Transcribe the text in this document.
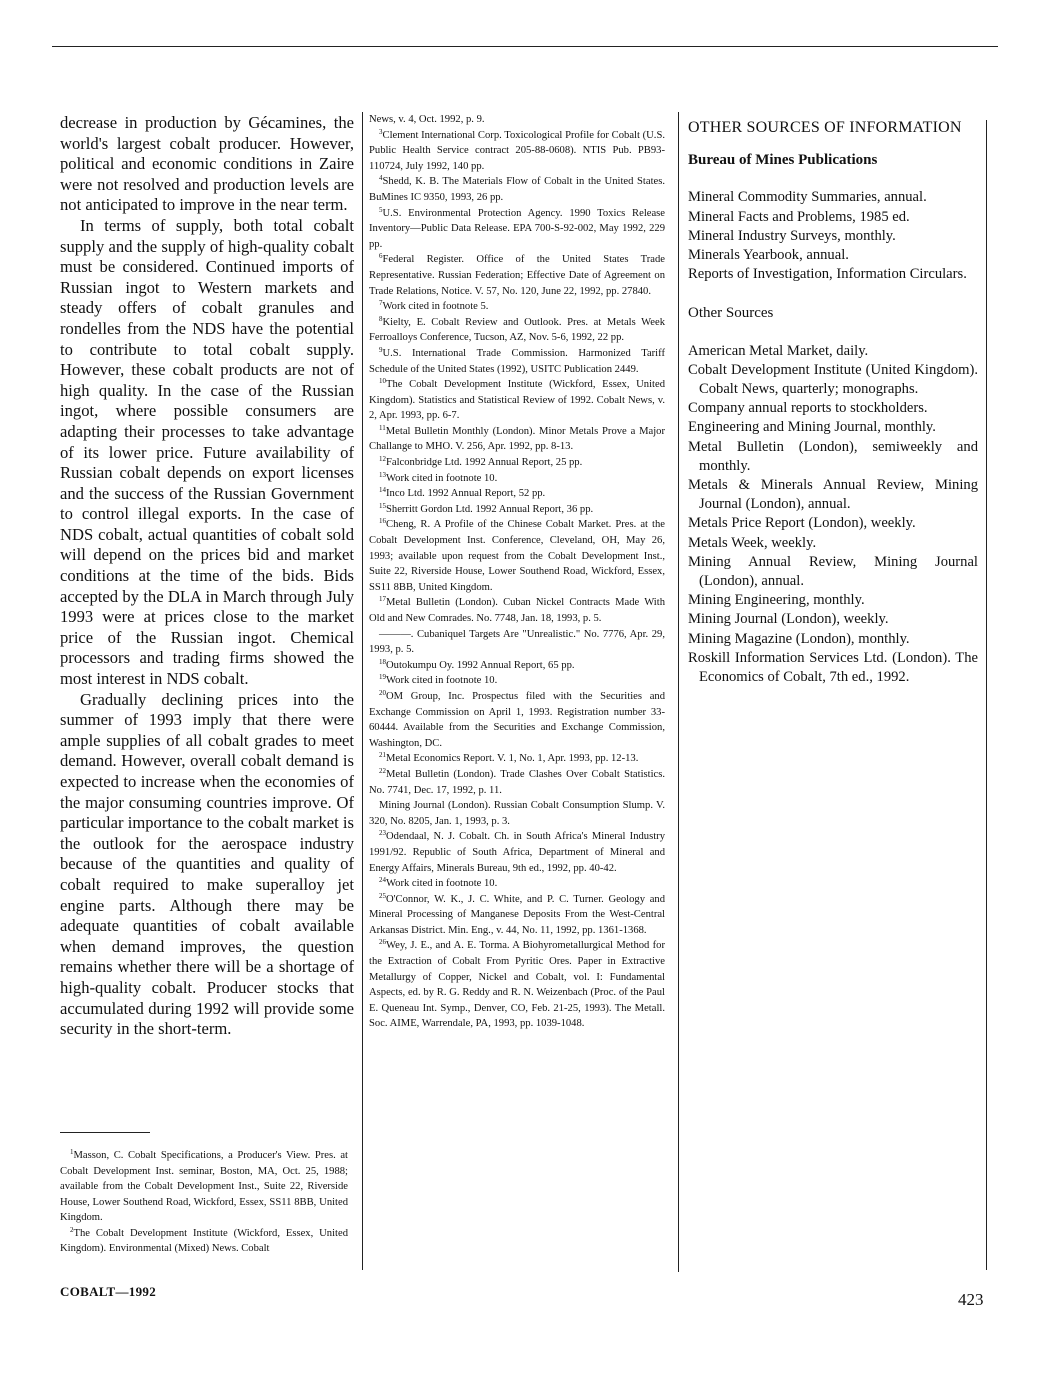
decrease in production by Gécamines, the world's largest cobalt producer. However, political and economic conditions in Zaire were not resolved and production levels are not anticipated to improve in the near term.

In terms of supply, both total cobalt supply and the supply of high-quality cobalt must be considered. Continued imports of Russian ingot to Western markets and steady offers of cobalt granules and rondelles from the NDS have the potential to contribute to total cobalt supply. However, these cobalt products are not of high quality. In the case of the Russian ingot, where possible consumers are adapting their processes to take advantage of its lower price. Future availability of Russian cobalt depends on export licenses and the success of the Russian Government to control illegal exports. In the case of NDS cobalt, actual quantities of cobalt sold will depend on the prices bid and market conditions at the time of the bids. Bids accepted by the DLA in March through July 1993 were at prices close to the market price of the Russian ingot. Chemical processors and trading firms showed the most interest in NDS cobalt.

Gradually declining prices into the summer of 1993 imply that there were ample supplies of all cobalt grades to meet demand. However, overall cobalt demand is expected to increase when the economies of the major consuming countries improve. Of particular importance to the cobalt market is the outlook for the aerospace industry because of the quantities and quality of cobalt required to make superalloy jet engine parts. Although there may be adequate quantities of cobalt available when demand improves, the question remains whether there will be a shortage of high-quality cobalt. Producer stocks that accumulated during 1992 will provide some security in the short-term.

$^1$Masson, C. Cobalt Specifications, a Producer's View. Pres. at Cobalt Development Inst. seminar, Boston, MA, Oct. 25, 1988; available from the Cobalt Development Inst., Suite 22, Riverside House, Lower Southend Road, Wickford, Essex, SS11 8BB, United Kingdom.

$^2$The Cobalt Development Institute (Wickford, Essex, United Kingdom). Environmental (Mixed) News. Cobalt

News, v. 4, Oct. 1992, p. 9.

$^3$Clement International Corp. Toxicological Profile for Cobalt (U.S. Public Health Service contract 205-88-0608). NTIS Pub. PB93-110724, July 1992, 140 pp.

$^4$Shedd, K. B. The Materials Flow of Cobalt in the United States. BuMines IC 9350, 1993, 26 pp.

$^5$U.S. Environmental Protection Agency. 1990 Toxics Release Inventory—Public Data Release. EPA 700-S-92-002, May 1992, 229 pp.

$^6$Federal Register. Office of the United States Trade Representative. Russian Federation; Effective Date of Agreement on Trade Relations, Notice. V. 57, No. 120, June 22, 1992, pp. 27840.

$^7$Work cited in footnote 5.

$^8$Kielty, E. Cobalt Review and Outlook. Pres. at Metals Week Ferroalloys Conference, Tucson, AZ, Nov. 5-6, 1992, 22 pp.

$^9$U.S. International Trade Commission. Harmonized Tariff Schedule of the United States (1992), USITC Publication 2449.

$^{10}$The Cobalt Development Institute (Wickford, Essex, United Kingdom). Statistics and Statistical Review of 1992. Cobalt News, v. 2, Apr. 1993, pp. 6-7.

$^{11}$Metal Bulletin Monthly (London). Minor Metals Prove a Major Challange to MHO. V. 256, Apr. 1992, pp. 8-13.

$^{12}$Falconbridge Ltd. 1992 Annual Report, 25 pp.

$^{13}$Work cited in footnote 10.

$^{14}$Inco Ltd. 1992 Annual Report, 52 pp.

$^{15}$Sherritt Gordon Ltd. 1992 Annual Report, 36 pp.

$^{16}$Cheng, R. A Profile of the Chinese Cobalt Market. Pres. at the Cobalt Development Inst. Conference, Cleveland, OH, May 26, 1993; available upon request from the Cobalt Development Inst., Suite 22, Riverside House, Lower Southend Road, Wickford, Essex, SS11 8BB, United Kingdom.

$^{17}$Metal Bulletin (London). Cuban Nickel Contracts Made With Old and New Comrades. No. 7748, Jan. 18, 1993, p. 5.

———. Cubaniquel Targets Are "Unrealistic." No. 7776, Apr. 29, 1993, p. 5.

$^{18}$Outokumpu Oy. 1992 Annual Report, 65 pp.

$^{19}$Work cited in footnote 10.

$^{20}$OM Group, Inc. Prospectus filed with the Securities and Exchange Commission on April 1, 1993. Registration number 33-60444. Available from the Securities and Exchange Commission, Washington, DC.

$^{21}$Metal Economics Report. V. 1, No. 1, Apr. 1993, pp. 12-13.

$^{22}$Metal Bulletin (London). Trade Clashes Over Cobalt Statistics. No. 7741, Dec. 17, 1992, p. 11.

Mining Journal (London). Russian Cobalt Consumption Slump. V. 320, No. 8205, Jan. 1, 1993, p. 3.

$^{23}$Odendaal, N. J. Cobalt. Ch. in South Africa's Mineral Industry 1991/92. Republic of South Africa, Department of Mineral and Energy Affairs, Minerals Bureau, 9th ed., 1992, pp. 40-42.

$^{24}$Work cited in footnote 10.

$^{25}$O'Connor, W. K., J. C. White, and P. C. Turner. Geology and Mineral Processing of Manganese Deposits From the West-Central Arkansas District. Min. Eng., v. 44, No. 11, 1992, pp. 1361-1368.

$^{26}$Wey, J. E., and A. E. Torma. A Biohyrometallurgical Method for the Extraction of Cobalt From Pyritic Ores. Paper in Extractive Metallurgy of Copper, Nickel and Cobalt, vol. I: Fundamental Aspects, ed. by R. G. Reddy and R. N. Weizenbach (Proc. of the Paul E. Queneau Int. Symp., Denver, CO, Feb. 21-25, 1993). The Metall. Soc. AIME, Warrendale, PA, 1993, pp. 1039-1048.

OTHER SOURCES OF INFORMATION
Bureau of Mines Publications
Mineral Commodity Summaries, annual.
Mineral Facts and Problems, 1985 ed.
Mineral Industry Surveys, monthly.
Minerals Yearbook, annual.
Reports of Investigation, Information Circulars.
Other Sources
American Metal Market, daily.
Cobalt Development Institute (United Kingdom). Cobalt News, quarterly; monographs.
Company annual reports to stockholders.
Engineering and Mining Journal, monthly.
Metal Bulletin (London), semiweekly and monthly.
Metals & Minerals Annual Review, Mining Journal (London), annual.
Metals Price Report (London), weekly.
Metals Week, weekly.
Mining Annual Review, Mining Journal (London), annual.
Mining Engineering, monthly.
Mining Journal (London), weekly.
Mining Magazine (London), monthly.
Roskill Information Services Ltd. (London). The Economics of Cobalt, 7th ed., 1992.
COBALT—1992	423
